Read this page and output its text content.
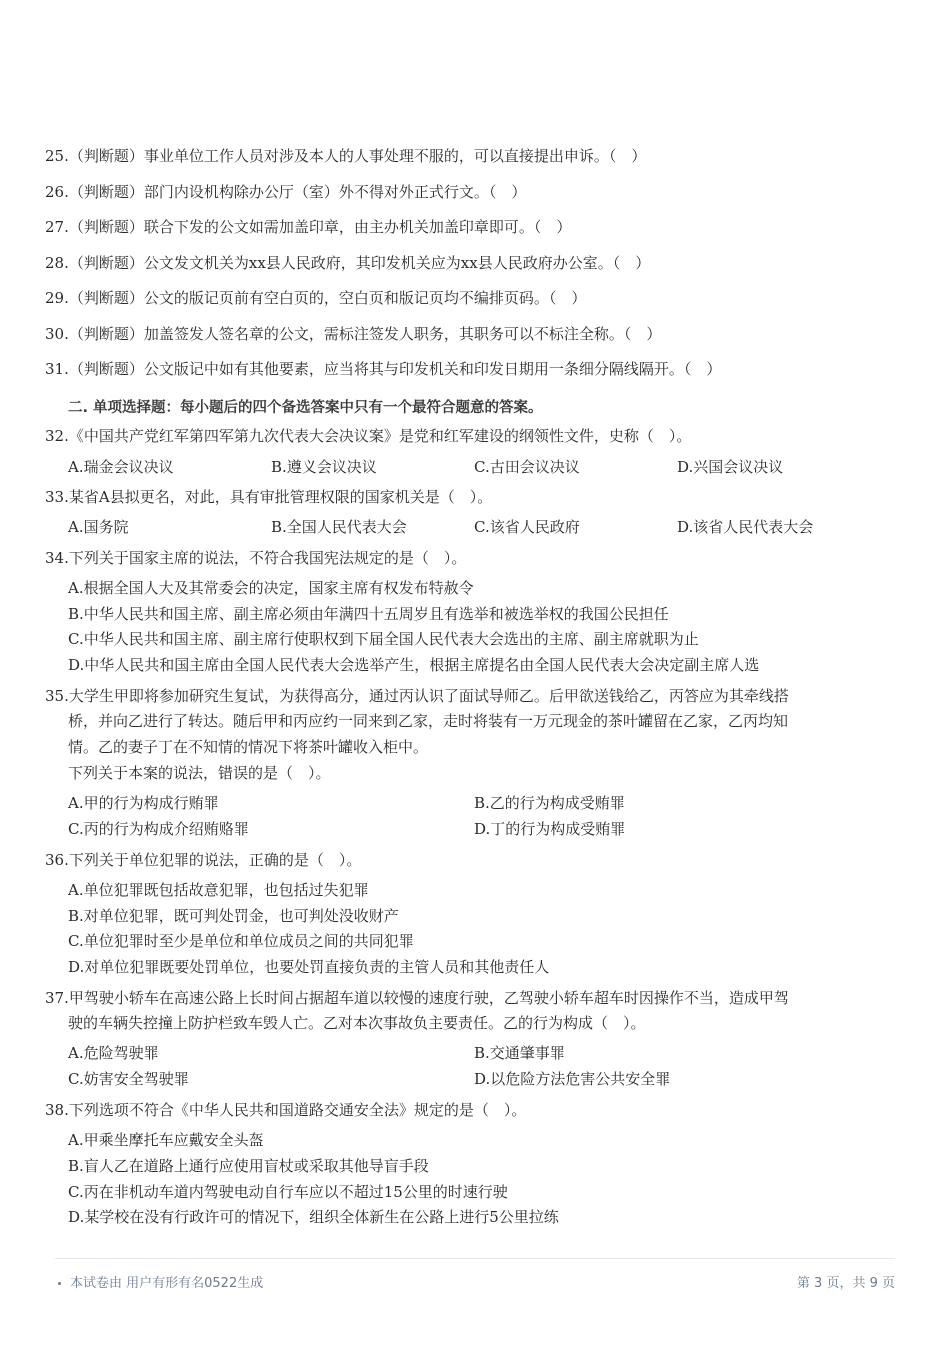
25.（判断题）事业单位工作人员对涉及本人的人事处理不服的，可以直接提出申诉。（　）
26.（判断题）部门内设机构除办公厅（室）外不得对外正式行文。（　）
27.（判断题）联合下发的公文如需加盖印章，由主办机关加盖印章即可。（　）
28.（判断题）公文发文机关为xx县人民政府，其印发机关应为xx县人民政府办公室。（　）
29.（判断题）公文的版记页前有空白页的，空白页和版记页均不编排页码。（　）
30.（判断题）加盖签发人签名章的公文，需标注签发人职务，其职务可以不标注全称。（　）
31.（判断题）公文版记中如有其他要素，应当将其与印发机关和印发日期用一条细分隔线隔开。（　）
二. 单项选择题：每小题后的四个备选答案中只有一个最符合题意的答案。
32.《中国共产党红军第四军第九次代表大会决议案》是党和红军建设的纲领性文件，史称（　）。
A.瑞金会议决议	B.遵义会议决议	C.古田会议决议	D.兴国会议决议
33.某省A县拟更名，对此，具有审批管理权限的国家机关是（　）。
A.国务院	B.全国人民代表大会	C.该省人民政府	D.该省人民代表大会
34.下列关于国家主席的说法，不符合我国宪法规定的是（　）。
A.根据全国人大及其常委会的决定，国家主席有权发布特赦令
B.中华人民共和国主席、副主席必须由年满四十五周岁且有选举和被选举权的我国公民担任
C.中华人民共和国主席、副主席行使职权到下届全国人民代表大会选出的主席、副主席就职为止
D.中华人民共和国主席由全国人民代表大会选举产生，根据主席提名由全国人民代表大会决定副主席人选
35.大学生甲即将参加研究生复试，为获得高分，通过丙认识了面试导师乙。后甲欲送钱给乙，丙答应为其牵线搭
桥，并向乙进行了转达。随后甲和丙应约一同来到乙家，走时将装有一万元现金的茶叶罐留在乙家，乙丙均知
情。乙的妻子丁在不知情的情况下将茶叶罐收入柜中。
下列关于本案的说法，错误的是（　）。
A.甲的行为构成行贿罪	B.乙的行为构成受贿罪
C.丙的行为构成介绍贿赂罪	D.丁的行为构成受贿罪
36.下列关于单位犯罪的说法，正确的是（　）。
A.单位犯罪既包括故意犯罪，也包括过失犯罪
B.对单位犯罪，既可判处罚金，也可判处没收财产
C.单位犯罪时至少是单位和单位成员之间的共同犯罪
D.对单位犯罪既要处罚单位，也要处罚直接负责的主管人员和其他责任人
37.甲驾驶小轿车在高速公路上长时间占据超车道以较慢的速度行驶，乙驾驶小轿车超车时因操作不当，造成甲驾
驶的车辆失控撞上防护栏致车毁人亡。乙对本次事故负主要责任。乙的行为构成（　）。
A.危险驾驶罪	B.交通肇事罪
C.妨害安全驾驶罪	D.以危险方法危害公共安全罪
38.下列选项不符合《中华人民共和国道路交通安全法》规定的是（　）。
A.甲乘坐摩托车应戴安全头盔
B.盲人乙在道路上通行应使用盲杖或采取其他导盲手段
C.丙在非机动车道内驾驶电动自行车应以不超过15公里的时速行驶
D.某学校在没有行政许可的情况下，组织全体新生在公路上进行5公里拉练
本试卷由 用户有形有名0522生成	第 3 页，共 9 页
